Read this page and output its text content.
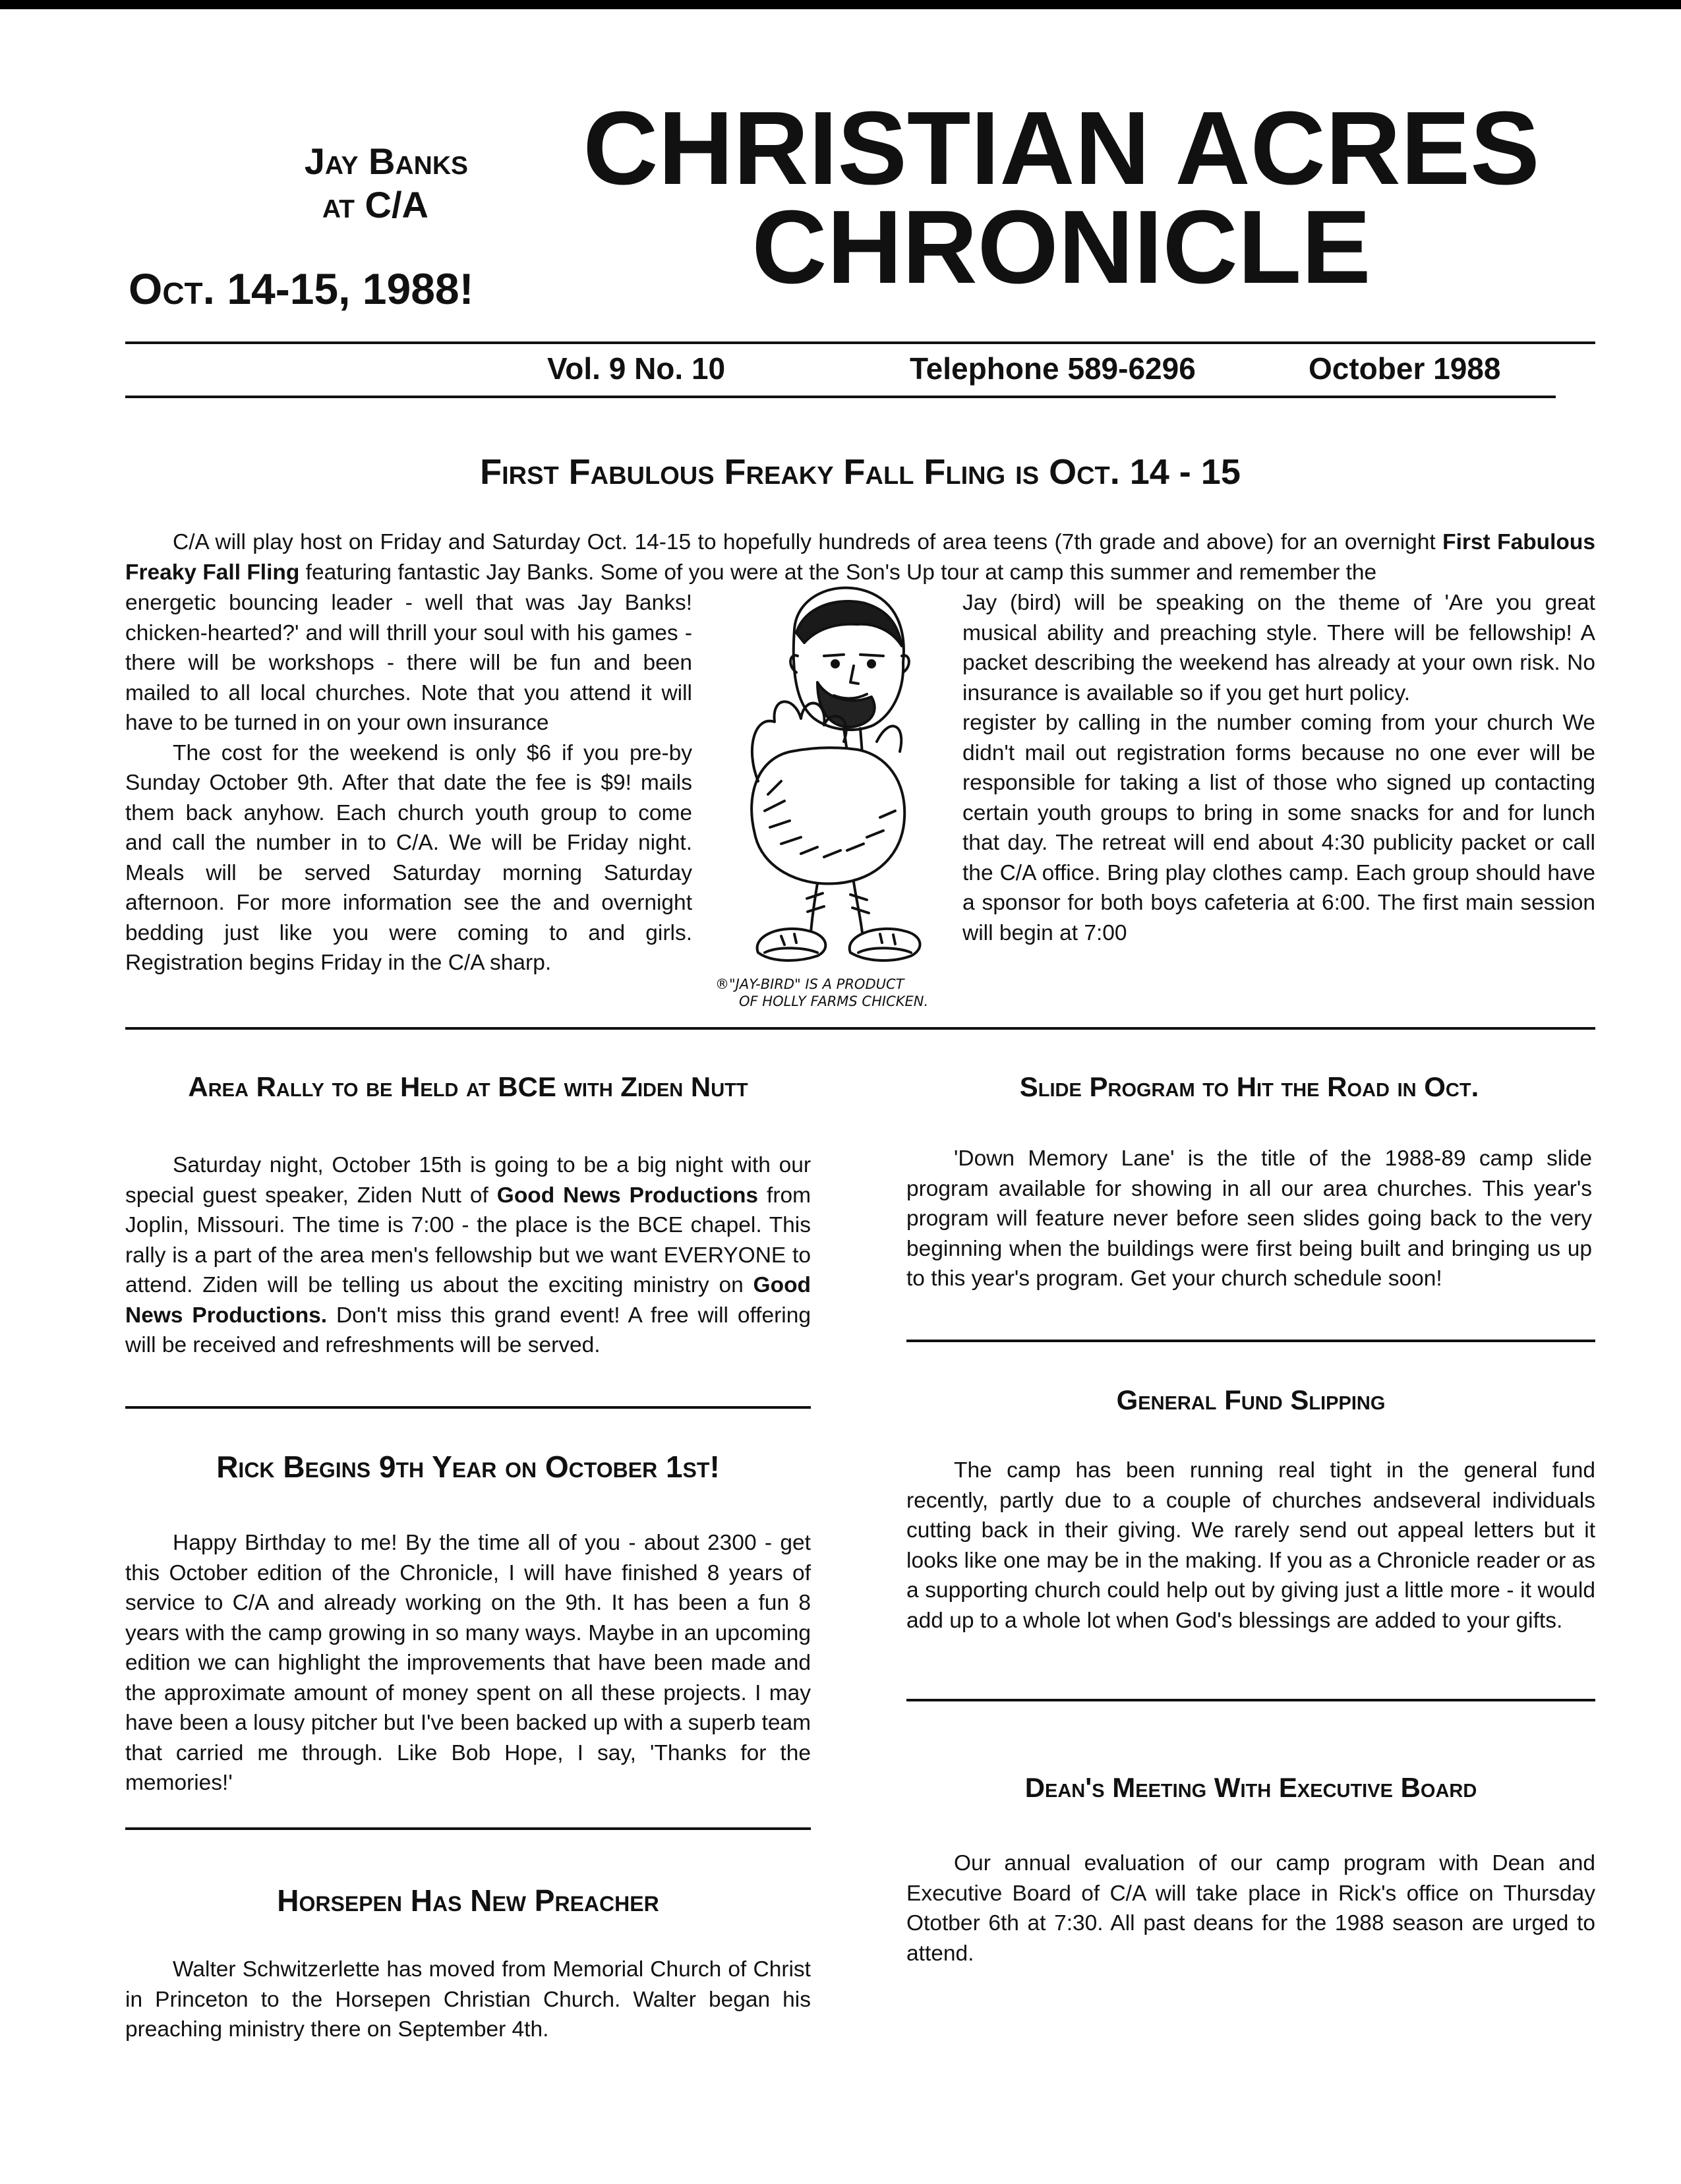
Jay Banks
at C/A
Oct. 14-15, 1988!
CHRISTIAN ACRES
CHRONICLE
Vol. 9 No. 10	Telephone 589-6296	October 1988
First Fabulous Freaky Fall Fling is Oct. 14 - 15

C/A will play host on Friday and Saturday Oct. 14-15 to hopefully hundreds of area teens (7th grade and above) for an overnight First Fabulous Freaky Fall Fling featuring fantastic Jay Banks. Some of you were at the Son's Up tour at camp this summer and remember the

energetic bouncing leader - well that was Jay Banks! chicken-hearted?' and will thrill your soul with his games - there will be workshops - there will be fun and been mailed to all local churches. Note that you attend it will have to be turned in on your own insurance

The cost for the weekend is only $6 if you pre-by Sunday October 9th. After that date the fee is $9! mails them back anyhow. Each church youth group to come and call the number in to C/A. We will be Friday night. Meals will be served Saturday morning Saturday afternoon. For more information see the and overnight bedding just like you were coming to and girls. Registration begins Friday in the C/A sharp.

®"JAY-BIRD" IS A PRODUCT
OF HOLLY FARMS CHICKEN.

Jay (bird) will be speaking on the theme of 'Are you great musical ability and preaching style. There will be fellowship! A packet describing the weekend has already at your own risk. No insurance is available so if you get hurt policy.

register by calling in the number coming from your church We didn't mail out registration forms because no one ever will be responsible for taking a list of those who signed up contacting certain youth groups to bring in some snacks for and for lunch that day. The retreat will end about 4:30 publicity packet or call the C/A office. Bring play clothes camp. Each group should have a sponsor for both boys cafeteria at 6:00. The first main session will begin at 7:00

Area Rally to be Held at BCE with Ziden Nutt

Saturday night, October 15th is going to be a big night with our special guest speaker, Ziden Nutt of Good News Productions from Joplin, Missouri. The time is 7:00 - the place is the BCE chapel. This rally is a part of the area men's fellowship but we want EVERYONE to attend. Ziden will be telling us about the exciting ministry on Good News Productions. Don't miss this grand event! A free will offering will be received and refreshments will be served.

Rick Begins 9th Year on October 1st!

Happy Birthday to me! By the time all of you - about 2300 - get this October edition of the Chronicle, I will have finished 8 years of service to C/A and already working on the 9th. It has been a fun 8 years with the camp growing in so many ways. Maybe in an upcoming edition we can highlight the improvements that have been made and the approximate amount of money spent on all these projects. I may have been a lousy pitcher but I've been backed up with a superb team that carried me through. Like Bob Hope, I say, 'Thanks for the memories!'

Horsepen Has New Preacher

Walter Schwitzerlette has moved from Memorial Church of Christ in Princeton to the Horsepen Christian Church. Walter began his preaching ministry there on September 4th.

Slide Program to Hit the Road in Oct.

'Down Memory Lane' is the title of the 1988-89 camp slide program available for showing in all our area churches. This year's program will feature never before seen slides going back to the very beginning when the buildings were first being built and bringing us up to this year's program. Get your church schedule soon!

General Fund Slipping

The camp has been running real tight in the general fund recently, partly due to a couple of churches andseveral individuals cutting back in their giving. We rarely send out appeal letters but it looks like one may be in the making. If you as a Chronicle reader or as a supporting church could help out by giving just a little more - it would add up to a whole lot when God's blessings are added to your gifts.

Dean's Meeting With Executive Board

Our annual evaluation of our camp program with Dean and Executive Board of C/A will take place in Rick's office on Thursday Ototber 6th at 7:30. All past deans for the 1988 season are urged to attend.
